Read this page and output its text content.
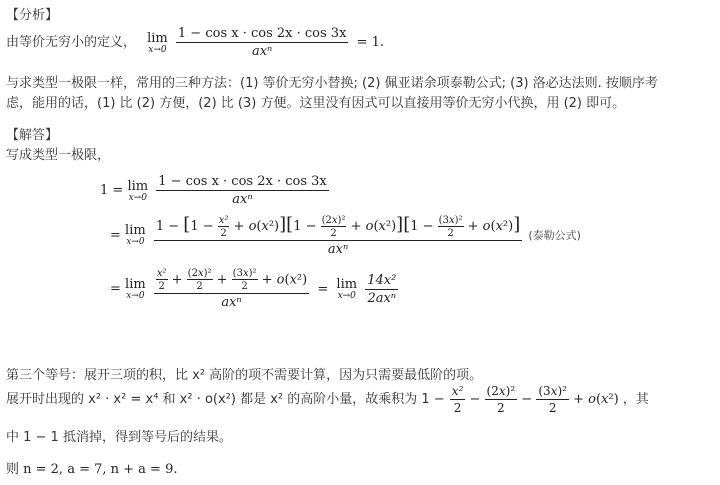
【分析】
由等价无穷小的定义， lim
x→0
$\frac{\text{1 − cos x · cos 2x · cos 3x}}{\text{axⁿ}} = 1$.
与求类型一极限一样，常用的三种方法：(1) 等价无穷小替换; (2) 佩亚诺余项泰勒公式; (3) 洛必达法则. 按顺序考
虑，能用的话，(1) 比 (2) 方便，(2) 比 (3) 方便。这里没有因式可以直接用等价无穷小代换，用 (2) 即可。
【解答】
写成类型一极限，
1 = lim
x→0
$\frac{\text{1 − cos x · cos 2x · cos 3x}}{\text{axⁿ}}$
= lim
x→0

$1 - [1 - \frac{\text{x²}}{2} + o(x^2)][1 - \frac{\text{(2x)²}}{2} + o(x^2)][1 - \frac{\text{(3x)²}}{2} + o(x^2)]$
axⁿ
(泰勒公式)
= lim
x→0
$\frac{\frac{\text{x²}}{2} + \frac{\text{(2x)²}}{2} + \frac{\text{(3x)²}}{2} + o(x^2)}{\text{axⁿ}} = \lim$
x→0
$\frac{\text{14x²}}{\text{2axⁿ}}$
第三个等号：展开三项的积，比 x² 高阶的项不需要计算，因为只需要最低阶的项。
展开时出现的 x² · x² = x⁴ 和 x² · o(x²) 都是 x² 的高阶小量，故乘积为 $1 - \frac{\text{x²}}{2} - \frac{\text{(2x)²}}{2} - \frac{\text{(3x)²}}{2} + o(x^2)$ ，其
中 1 − 1 抵消掉，得到等号后的结果。
则 n = 2, a = 7, n + a = 9.
